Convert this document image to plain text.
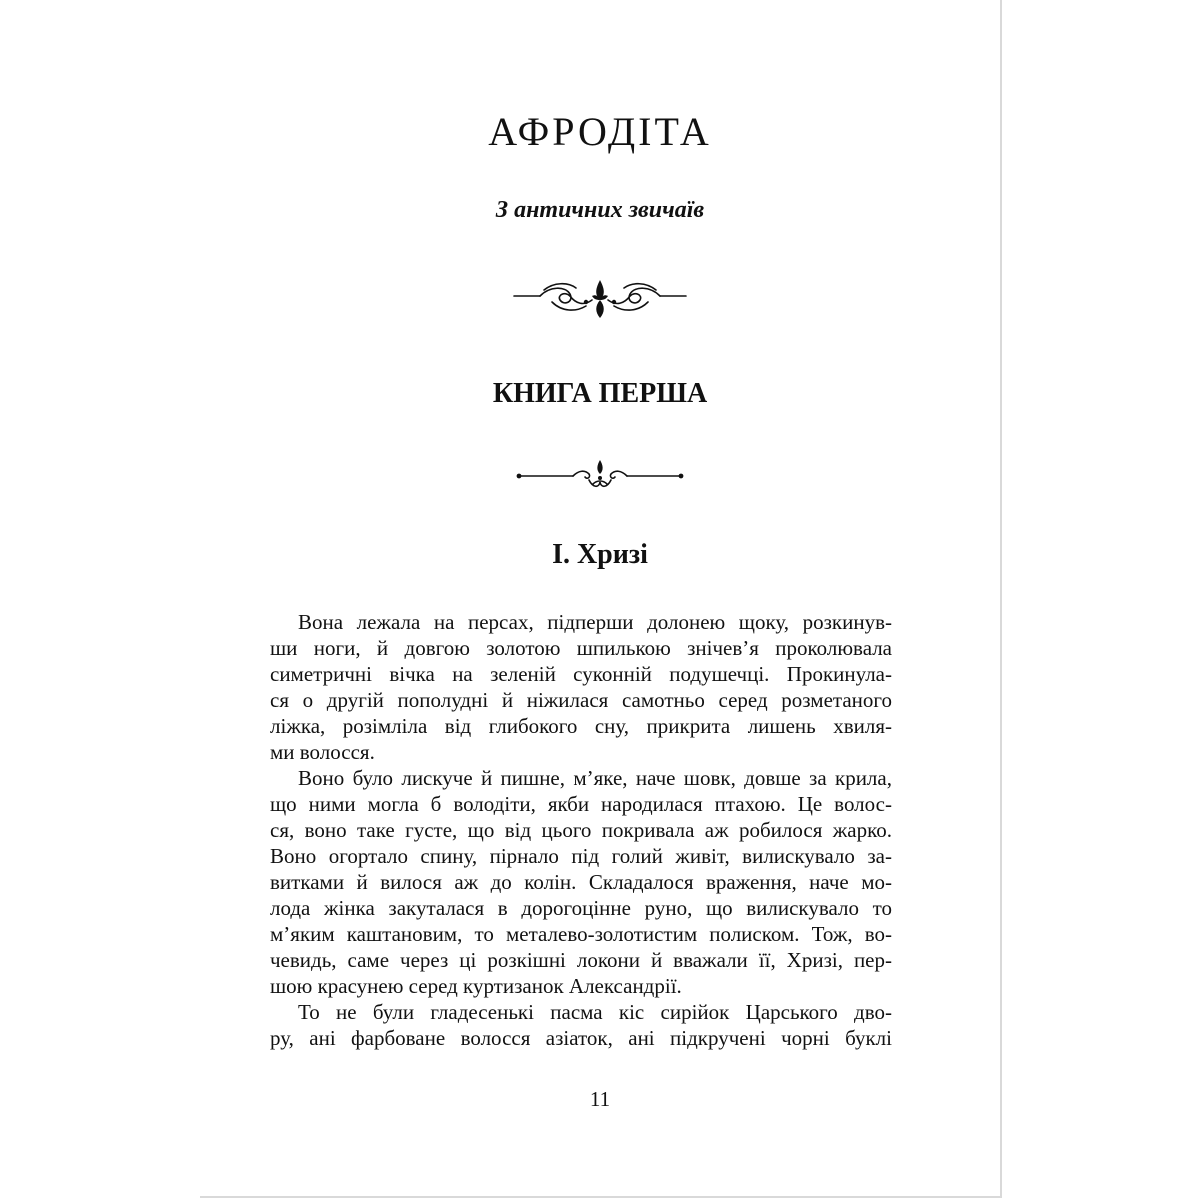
АФРОДІТА
З античних звичаїв
КНИГА ПЕРША
І. Хризі

Вона лежала на персах, підперши долонею щоку, розкинув-
ши ноги, й довгою золотою шпилькою знічев’я проколювала
симетричні вічка на зеленій суконній подушечці. Прокинула-
ся о другій пополудні й ніжилася самотньо серед розметаного
ліжка, розімліла від глибокого сну, прикрита лишень хвиля-
ми волосся.

Воно було лискуче й пишне, м’яке, наче шовк, довше за крила,
що ними могла б володіти, якби народилася птахою. Це волос-
ся, воно таке густе, що від цього покривала аж робилося жарко.
Воно огортало спину, пірнало під голий живіт, вилискувало за-
витками й вилося аж до колін. Складалося враження, наче мо-
лода жінка закуталася в дорогоцінне руно, що вилискувало то
м’яким каштановим, то металево-золотистим полиском. Тож, во-
чевидь, саме через ці розкішні локони й вважали її, Хризі, пер-
шою красунею серед куртизанок Александрії.

То не були гладесенькі пасма кіс сирійок Царського дво-
ру, ані фарбоване волосся азіаток, ані підкручені чорні буклі

11
